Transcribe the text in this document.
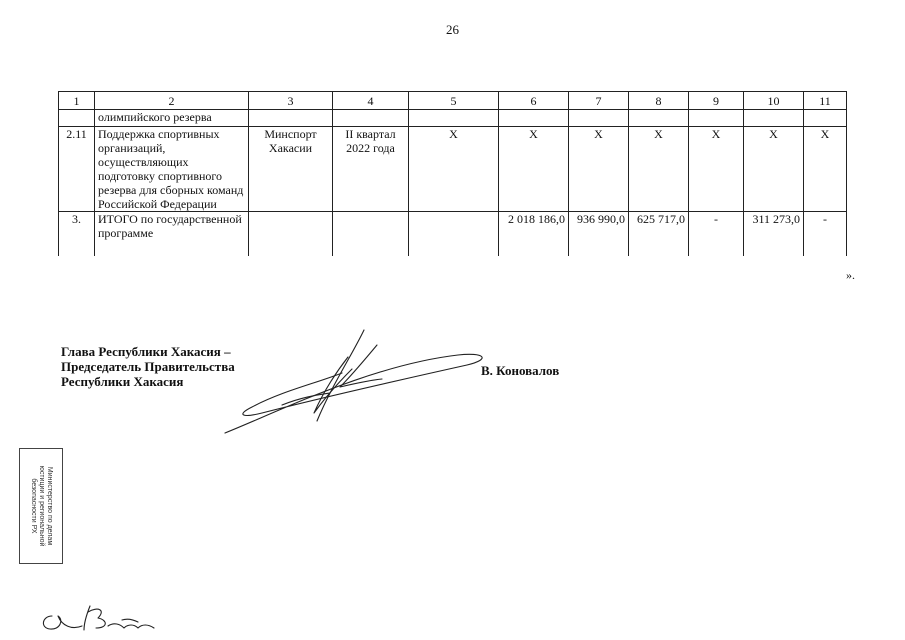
26
1	2	3	4	5	6	7	8	9	10	11
	олимпийского резерва									
2.11	Поддержка спортивных организаций, осуществляющих подготовку спортивного резерва для сборных команд Российской Федерации	Минспорт Хакасии	II квартал 2022 года	Х	Х	Х	Х	Х	Х	Х
3.	ИТОГО по государственной программе				2 018 186,0	936 990,0	625 717,0	-	311 273,0	-
».
Глава Республики Хакасия –
Председатель Правительства
Республики Хакасия
В. Коновалов
Министерство по делам
юстиции и региональной
безопасности РХ
